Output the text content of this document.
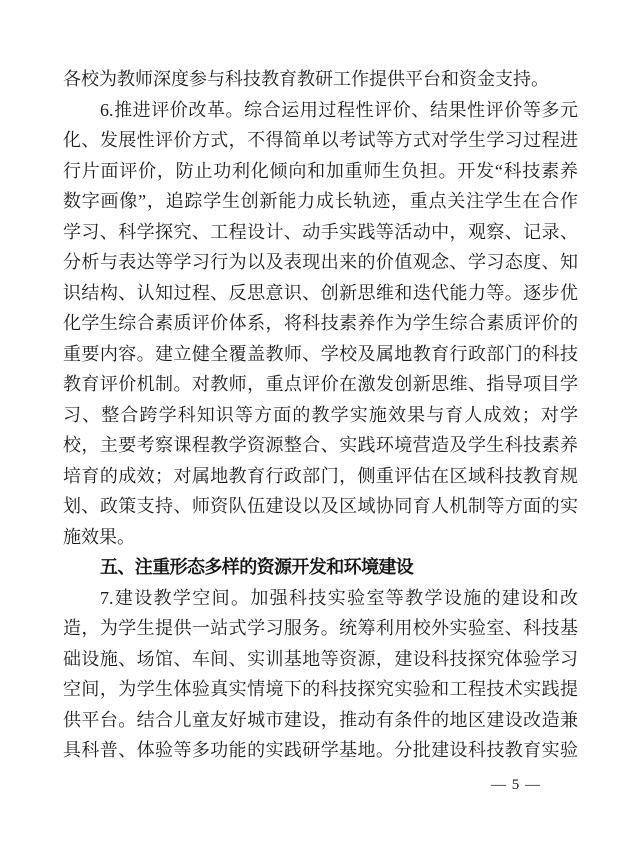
各校为教师深度参与科技教育教研工作提供平台和资金支持。
6.推进评价改革。综合运用过程性评价、结果性评价等多元
化、发展性评价方式，不得简单以考试等方式对学生学习过程进
行片面评价，防止功利化倾向和加重师生负担。开发“科技素养
数字画像”，追踪学生创新能力成长轨迹，重点关注学生在合作
学习、科学探究、工程设计、动手实践等活动中，观察、记录、
分析与表达等学习行为以及表现出来的价值观念、学习态度、知
识结构、认知过程、反思意识、创新思维和迭代能力等。逐步优
化学生综合素质评价体系，将科技素养作为学生综合素质评价的
重要内容。建立健全覆盖教师、学校及属地教育行政部门的科技
教育评价机制。对教师，重点评价在激发创新思维、指导项目学
习、整合跨学科知识等方面的教学实施效果与育人成效；对学
校，主要考察课程教学资源整合、实践环境营造及学生科技素养
培育的成效；对属地教育行政部门，侧重评估在区域科技教育规
划、政策支持、师资队伍建设以及区域协同育人机制等方面的实
施效果。
五、注重形态多样的资源开发和环境建设
7.建设教学空间。加强科技实验室等教学设施的建设和改
造，为学生提供一站式学习服务。统筹利用校外实验室、科技基
础设施、场馆、车间、实训基地等资源，建设科技探究体验学习
空间，为学生体验真实情境下的科技探究实验和工程技术实践提
供平台。结合儿童友好城市建设，推动有条件的地区建设改造兼
具科普、体验等多功能的实践研学基地。分批建设科技教育实验
— 5 —
